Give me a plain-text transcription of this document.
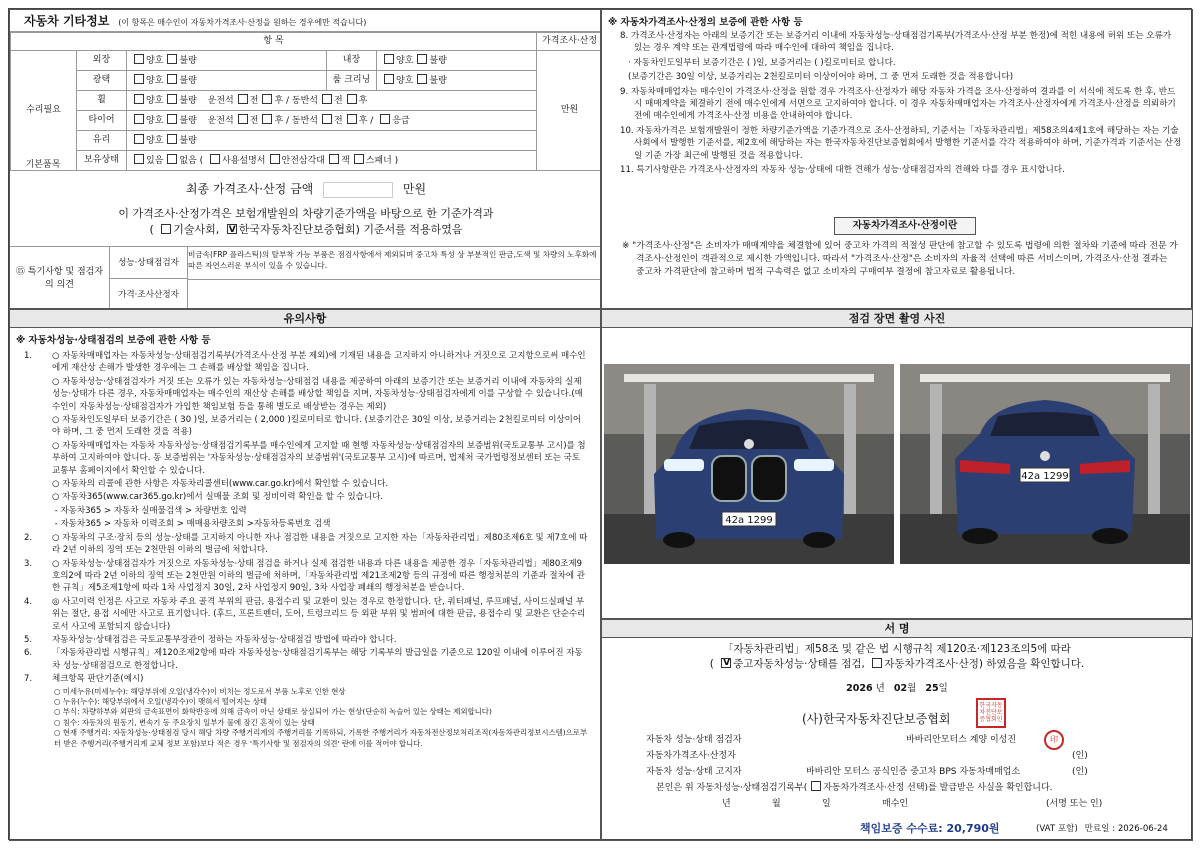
자동차 기타정보 (이 항목은 매수인이 자동차가격조사·산정을 원하는 경우에만 적습니다)
항 목					가격조사·산정
수리필요	외장	양호 불량	내장	양호 불량	만원
	광택	양호 불량	룸 크리닝	양호 불량	
	휠	양호 불량 운전석 전 후 / 동반석 전 후			
	타이어	양호 불량 운전석 전 후 / 동반석 전 후 / 응급			
	유리	양호 불량			
	보유상태	있음 없음 ( 사용설명서 안전삼각대 잭 스패너 )			
기본품목
최종 가격조사·산정 금액	만원
이 가격조사·산정가격은 보험개발원의 차량기준가액을 바탕으로 한 기준가격과
( 기술사회, V 한국자동차진단보증협회) 기준서를 적용하였음
⑮ 특기사항 및 점검자의 의견
성능·상태점검자
비금속(FRP 플라스틱)의 탈부착 가능 부품은 점검사항에서 제외되며 중고차 특성 상 부분적인 판금,도색 및 차량의 노후화에 따른 자연스러운 부식이 있을 수 있습니다.
가격·조사산정자
※ 자동차가격조사·산정의 보증에 관한 사항 등
8. 가격조사·산정자는 아래의 보증기간 또는 보증거리 이내에 자동차성능·상태점검기록부(가격조사·산정 부분 한정)에 적힌 내용에 허위 또는 오류가 있는 경우 계약 또는 관계법령에 따라 매수인에 대하여 책임을 집니다.
· 자동차인도일부터 보증기간은 ( )일, 보증거리는 ( )킬로미터로 합니다.
(보증기간은 30일 이상, 보증거리는 2천킬로미터 이상이어야 하며, 그 중 먼저 도래한 것을 적용합니다)
9. 자동차매매업자는 매수인이 가격조사·산정을 원할 경우 가격조사·산정자가 해당 자동차 가격을 조사·산정하여 결과를 이 서식에 적도록 한 후, 반드시 매매계약을 체결하기 전에 매수인에게 서면으로 고지하여야 합니다. 이 경우 자동차매매업자는 가격조사·산정자에게 가격조사·산정을 의뢰하기 전에 매수인에게 가격조사·산정 비용을 안내하여야 합니다.
10. 자동차가격은 보험개발원이 정한 차량기준가액을 기준가격으로 조사·산정하되, 기준서는「자동차관리법」제58조의4제1호에 해당하는 자는 기술사회에서 발행한 기준서를, 제2호에 해당하는 자는 한국자동차진단보증협회에서 발행한 기준서를 각각 적용하여야 하며, 기준가격과 기준서는 산정일 기준 가장 최근에 발행된 것을 적용합니다.
11. 특기사항란은 가격조사·산정자의 자동차 성능·상태에 대한 견해가 성능·상태점검자의 견해와 다를 경우 표시합니다.
자동차가격조사·산정이란
※ "가격조사·산정"은 소비자가 매매계약을 체결함에 있어 중고차 가격의 적절성 판단에 참고할 수 있도록 법령에 의한 절차와 기준에 따라 전문 가격조사·산정인이 객관적으로 제시한 가액입니다. 따라서 "가격조사·산정"은 소비자의 자율적 선택에 따른 서비스이며, 가격조사·산정 결과는 중고차 가격판단에 참고하며 법적 구속력은 없고 소비자의 구매여부 결정에 참고자료로 활용됩니다.
유의사항
※ 자동차성능·상태점검의 보증에 관한 사항 등
1. ○ 자동차매매업자는 자동차성능·상태점검기록부(가격조사·산정 부분 제외)에 기재된 내용을 고지하지 아니하거나 거짓으로 고지함으로써 매수인에게 재산상 손해가 발생한 경우에는 그 손해를 배상할 책임을 집니다.
○ 자동차성능·상태점검자가 거짓 또는 오류가 있는 자동차성능·상태점검 내용을 제공하여 아래의 보증기간 또는 보증거리 이내에 자동차의 실제 성능·상태가 다른 경우, 자동차매매업자는 매수인의 재산상 손해를 배상할 책임을 지며, 자동차성능·상태점검자에게 이를 구상할 수 있습니다.(매수인이 자동차성능·상태점검자가 가입한 책임보험 등을 통해 별도로 배상받는 경우는 제외)
○ 자동차인도일부터 보증기간은 ( 30 )일, 보증거리는 ( 2,000 )킬로미터로 합니다. (보증기간은 30일 이상, 보증거리는 2천킬로미터 이상이어야 하며, 그 중 먼저 도래한 것을 적용)
○ 자동차매매업자는 자동차 자동차성능·상태점검기록부를 매수인에게 고지할 때 현행 자동차성능·상태점검자의 보증범위(국토교통부 고시)를 첨부하여 고지하여야 합니다. 동 보증범위는 '자동차성능·상태점검자의 보증범위'(국토교통부 고시)에 따르며, 법제처 국가법령정보센터 또는 국토교통부 홈페이지에서 확인할 수 있습니다.
○ 자동차의 리콜에 관한 사항은 자동차리콜센터(www.car.go.kr)에서 확인할 수 있습니다.
○ 자동차365(www.car365.go.kr)에서 실매물 조회 및 정비이력 확인을 할 수 있습니다.
- 자동차365 > 자동차 실매물검색 > 차량번호 입력
- 자동차365 > 자동차 이력조회 > 매매용차량조회 >자동차등록번호 검색
2. ○ 자동차의 구조·장치 등의 성능·상태를 고지하지 아니한 자나 점검한 내용을 거짓으로 고지한 자는「자동차관리법」제80조제6호 및 제7호에 따라 2년 이하의 징역 또는 2천만원 이하의 벌금에 처합니다.
3. ○ 자동차성능·상태점검자가 거짓으로 자동차성능·상태 점검을 하거나 실제 점검한 내용과 다른 내용을 제공한 경우「자동차관리법」제80조제9호의2에 따라 2년 이하의 징역 또는 2천만원 이하의 벌금에 처하며,「자동차관리법 제21조제2항 등의 규정에 따른 행정처분의 기준과 절차에 관한 규칙」제5조제1항에 따라 1차 사업정지 30일, 2차 사업정지 90일, 3차 사업장 폐쇄의 행정처분을 받습니다.
4. ◎ 사고이력 인정은 사고로 자동차 주요 골격 부위의 판금, 용접수리 및 교환이 있는 경우로 한정합니다. 단, 쿼터패널, 루프패널, 사이드실패널 부위는 절단, 용접 시에만 사고로 표기합니다. (후드, 프론트펜더, 도어, 트렁크리드 등 외판 부위 및 범퍼에 대한 판금, 용접수리 및 교환은 단순수리로서 사고에 포함되지 않습니다)
5. 자동차성능·상태점검은 국토교통부장관이 정하는 자동차성능·상태점검 방법에 따라야 합니다.
6. 「자동차관리법 시행규칙」제120조제2항에 따라 자동차성능·상태점검기록부는 해당 기록부의 발급일을 기준으로 120일 이내에 이루어진 자동차 성능·상태점검으로 한정합니다.
7. 체크항목 판단기준(예시)
○ 미세누유(미세누수): 해당부위에 오일(냉각수)이 비치는 정도로서 부품 노후로 인한 현상
○ 누유(누수): 해당부위에서 오일(냉각수)이 맺혀서 떨어지는 상태
○ 부식: 차량하부와 외판의 금속표면이 화학반응에 의해 금속이 아닌 상태로 상실되어 가는 현상(단순히 녹슬어 있는 상태는 제외합니다)
○ 침수: 자동차의 원동기, 변속기 등 주요장치 일부가 물에 잠긴 흔적이 있는 상태
○ 현재 주행거리: 자동차성능·상태점검 당시 해당 차량 주행거리계의 주행거리를 기록하되, 기록한 주행거리가 자동차전산정보처리조직(자동차관리정보시스템)으로부터 받은 주행거리(주행거리계 교체 정보 포함)보다 적은 경우 '특기사항 및 점검자의 의견' 란에 이를 적어야 합니다.
점검 장면 촬영 사진
42a 1299
42a 1299
서 명
「자동차관리법」제58조 및 같은 법 시행규칙 제120조·제123조의5에 따라
( V중고자동차성능·상태를 점검, 자동차가격조사·산정) 하였음을 확인합니다.
2026 년 02월 25일
(사)한국자동차진단보증협회
한국자동차진단보증협회인
자동차 성능·상태 점검자	바바리안모터스 계양 이성진	印
자동차가격조사·산정자	(인)
자동차 성능·상태 고지자	바바리안 모터스 공식인증 중고차 BPS 자동차매매업소	(인)
본인은 위 자동차성능·상태점검기록부( 자동차가격조사·산정 선택)를 발급받은 사실을 확인합니다.
년	월	일	매수인	(서명 또는 인)
책임보증 수수료: 20,790원	(VAT 포함) 만료일 : 2026-06-24
